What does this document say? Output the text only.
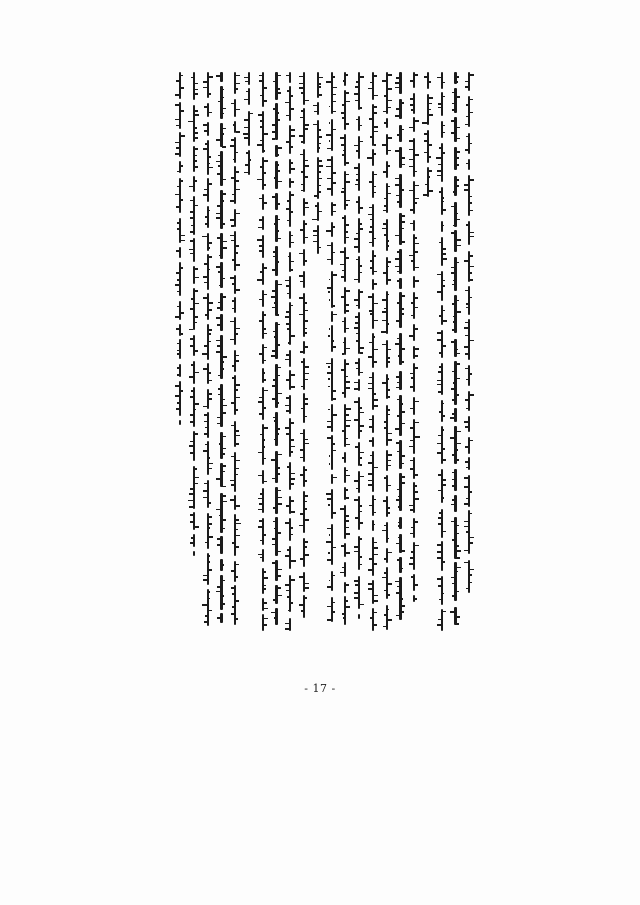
- 17 -
